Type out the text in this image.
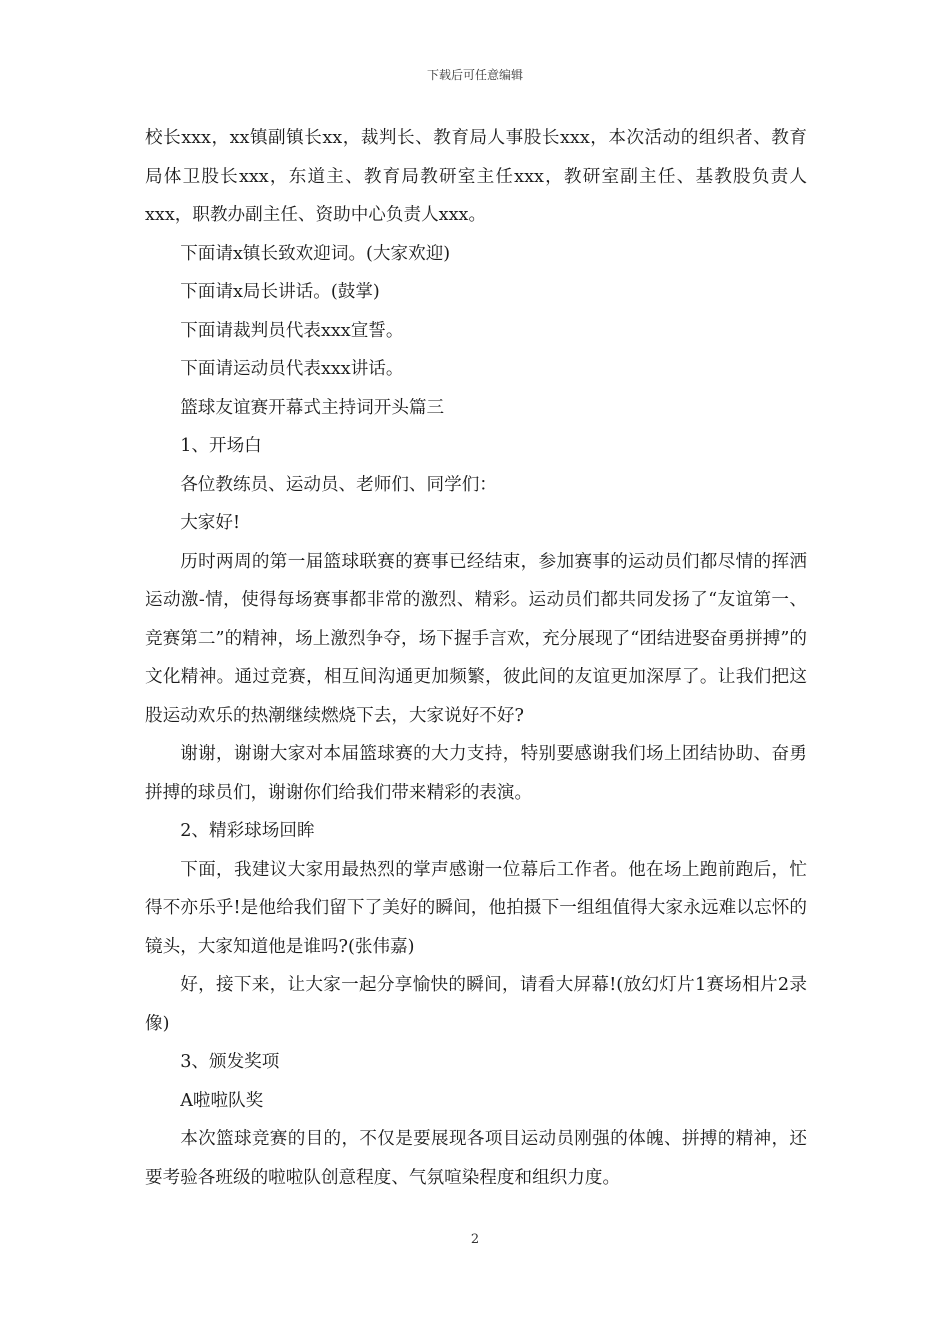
下载后可任意编辑

校长xxx，xx镇副镇长xx，裁判长、教育局人事股长xxx，本次活动的组织者、教育局体卫股长xxx，东道主、教育局教研室主任xxx，教研室副主任、基教股负责人xxx，职教办副主任、资助中心负责人xxx。

下面请x镇长致欢迎词。(大家欢迎)

下面请x局长讲话。(鼓掌)

下面请裁判员代表xxx宣誓。

下面请运动员代表xxx讲话。

篮球友谊赛开幕式主持词开头篇三

1、开场白

各位教练员、运动员、老师们、同学们：

大家好!

历时两周的第一届篮球联赛的赛事已经结束，参加赛事的运动员们都尽情的挥洒运动激-情，使得每场赛事都非常的激烈、精彩。运动员们都共同发扬了“友谊第一、竞赛第二”的精神，场上激烈争夺，场下握手言欢，充分展现了“团结进娶奋勇拼搏”的文化精神。通过竞赛，相互间沟通更加频繁，彼此间的友谊更加深厚了。让我们把这股运动欢乐的热潮继续燃烧下去，大家说好不好?

谢谢，谢谢大家对本届篮球赛的大力支持，特别要感谢我们场上团结协助、奋勇拼搏的球员们，谢谢你们给我们带来精彩的表演。

2、精彩球场回眸

下面，我建议大家用最热烈的掌声感谢一位幕后工作者。他在场上跑前跑后，忙得不亦乐乎!是他给我们留下了美好的瞬间，他拍摄下一组组值得大家永远难以忘怀的镜头，大家知道他是谁吗?(张伟嘉)

好，接下来，让大家一起分享愉快的瞬间，请看大屏幕!(放幻灯片1赛场相片2录像)

3、颁发奖项

A啦啦队奖

本次篮球竞赛的目的，不仅是要展现各项目运动员刚强的体魄、拼搏的精神，还要考验各班级的啦啦队创意程度、气氛喧染程度和组织力度。

2
